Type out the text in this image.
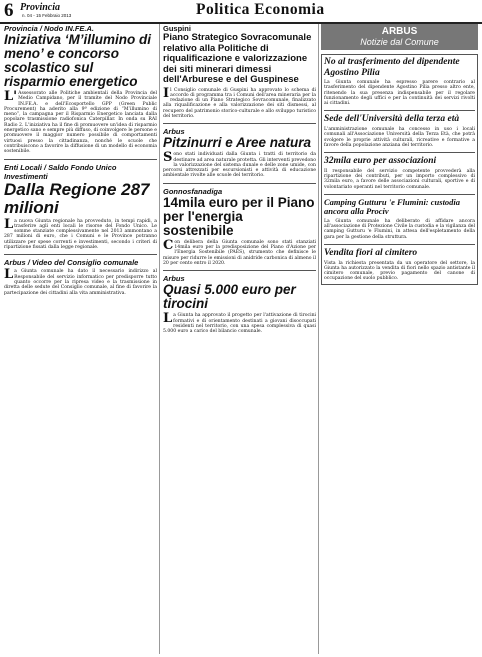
6 Provincia
n. 04 - 15 Febbraio 2013	Politica Economia

Provincia / Nodo IN.FE.A.

Iniziativa ‘M’illumino di meno’ e concorso scolastico sul risparmio energetico

L'Assessorato alle Politiche ambientali della Provincia del Medio Campidano, per il tramite del Nodo Provinciale IN.FE.A. e dell'Ecosportello GPP (Green Public Procurement) ha aderito alla 9ª edizione di “M’illumino di meno”, la campagna per il Risparmio Energetico lanciata dalla popolare trasmissione radiofonica Caterpillar. In onda su RAI Radio 2. L'iniziativa ha il fine di promuovere un'idea di risparmio energetico sano e sempre più diffuso, di coinvolgere le persone e promuovere il maggior numero possibile di comportamenti virtuosi presso la cittadinanza, nonché le scuole che contribuiscono a favorire la diffusione di un modello di economia sostenibile.

Enti Locali / Saldo Fondo Unico Investimenti

Dalla Regione 287 milioni

La nuova Giunta regionale ha provveduto, in tempi rapidi, a trasferire agli enti locali le risorse del Fondo Unico. Le somme stanziate complessivamente nel 2013 ammontano a 287 milioni di euro, che i Comuni e le Province potranno utilizzare per spese correnti e investimenti, secondo i criteri di ripartizione fissati dalla legge regionale.

Arbus / Video del Consiglio comunale

La Giunta comunale ha dato il necessario indirizzo al Responsabile del servizio informatico per predisporre tutto quanto occorre per la ripresa video e la trasmissione in diretta delle sedute del Consiglio comunale, al fine di favorire la partecipazione dei cittadini alla vita amministrativa.

Guspini

Piano Strategico Sovracomunale relativo alla Politiche di riqualificazione e valorizzazione dei siti minerari dimessi dell'Arburese e del Guspinese

Il Consiglio comunale di Guspini ha approvato lo schema di accordo di programma tra i Comuni dell'area mineraria per la redazione di un Piano Strategico Sovracomunale, finalizzato alla riqualificazione e alla valorizzazione dei siti dismessi, al recupero del patrimonio storico-culturale e allo sviluppo turistico del territorio.

Arbus

Pitzinurri e Aree natura

Sono stati individuati dalla Giunta i tratti di territorio da destinare ad area naturale protetta. Gli interventi prevedono la valorizzazione del sistema dunale e delle zone umide, con percorsi attrezzati per escursionisti e attività di educazione ambientale rivolte alle scuole del territorio.

Gonnosfanadiga

14mila euro per il Piano per l'energia sostenibile

Con delibera della Giunta comunale sono stati stanziati 14mila euro per la predisposizione del Piano d'Azione per l'Energia Sostenibile (PAES), strumento che definisce le misure per ridurre le emissioni di anidride carbonica di almeno il 20 per cento entro il 2020.

Arbus

Quasi 5.000 euro per tirocini

La Giunta ha approvato il progetto per l'attivazione di tirocini formativi e di orientamento destinati a giovani disoccupati residenti nel territorio, con una spesa complessiva di quasi 5.000 euro a carico del bilancio comunale.

ARBUS
Notizie dal Comune

No al trasferimento del dipendente Agostino Pilia

La Giunta comunale ha espresso parere contrario al trasferimento del dipendente Agostino Pilia presso altro ente, ritenendo la sua presenza indispensabile per il regolare funzionamento degli uffici e per la continuità dei servizi rivolti ai cittadini.

Sede dell'Università della terza età

L'amministrazione comunale ha concesso in uso i locali comunali all'Associazione Università della Terza Età, che potrà svolgere le proprie attività culturali, ricreative e formative a favore della popolazione anziana del territorio.

32mila euro per associazioni

Il responsabile del servizio competente provvederà alla ripartizione dei contributi, per un importo complessivo di 32mila euro, a favore delle associazioni culturali, sportive e di volontariato operanti nel territorio comunale.

Camping Gutturu 'e Flumini: custodia ancora alla Prociv

La Giunta comunale ha deliberato di affidare ancora all'associazione di Protezione Civile la custodia e la vigilanza del camping Gutturu 'e Flumini, in attesa dell'espletamento della gara per la gestione della struttura.

Vendita fiori al cimitero

Vista la richiesta presentata da un operatore del settore, la Giunta ha autorizzato la vendita di fiori nello spazio antistante il cimitero comunale, previo pagamento del canone di occupazione del suolo pubblico.
